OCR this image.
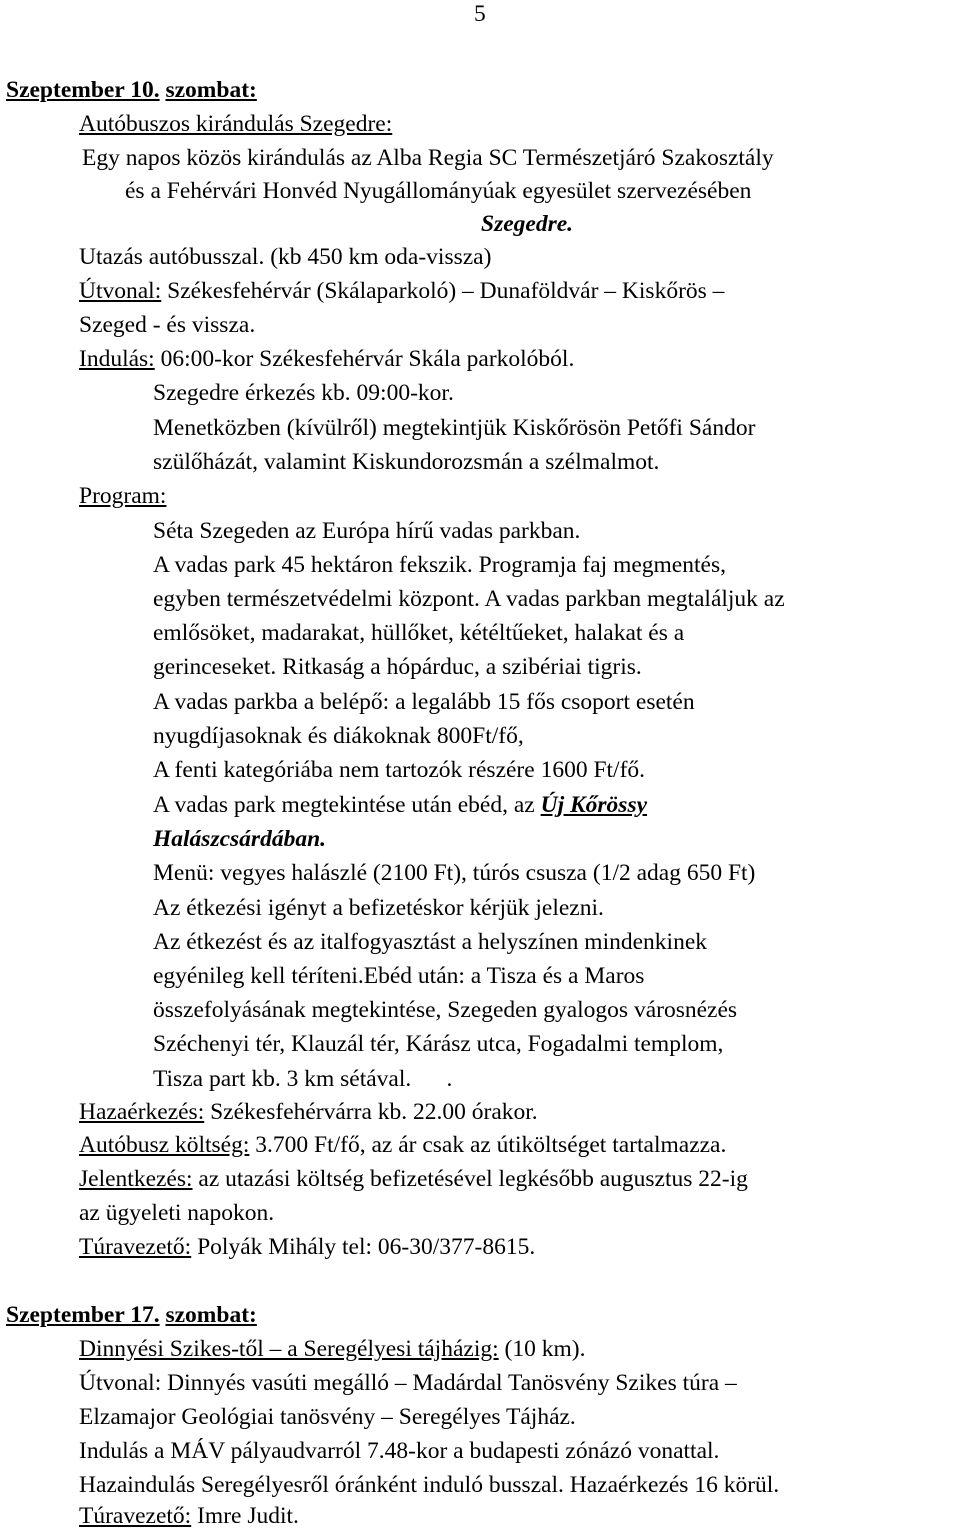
5
Szeptember 10. szombat:
Autóbuszos kirándulás Szegedre:
Egy napos közös kirándulás az Alba Regia SC Természetjáró Szakosztály
és a Fehérvári Honvéd Nyugállományúak egyesület szervezésében
Szegedre.
Utazás autóbusszal. (kb 450 km oda-vissza)
Útvonal: Székesfehérvár (Skálaparkoló) – Dunaföldvár – Kiskőrös –
Szeged - és vissza.
Indulás: 06:00-kor Székesfehérvár Skála parkolóból.
Szegedre érkezés kb. 09:00-kor.
Menetközben (kívülről) megtekintjük Kiskőrösön Petőfi Sándor
szülőházát, valamint Kiskundorozsmán a szélmalmot.
Program:
Séta Szegeden az Európa hírű vadas parkban.
A vadas park 45 hektáron fekszik. Programja faj megmentés,
egyben természetvédelmi központ. A vadas parkban megtaláljuk az
emlősöket, madarakat, hüllőket, kétéltűeket, halakat és a
gerinceseket. Ritkaság a hópárduc, a szibériai tigris.
A vadas parkba a belépő: a legalább 15 fős csoport esetén
nyugdíjasoknak és diákoknak 800Ft/fő,
A fenti kategóriába nem tartozók részére 1600 Ft/fő.
A vadas park megtekintése után ebéd, az Új Kőrössy
Halászcsárdában.
Menü: vegyes halászlé (2100 Ft), túrós csusza (1/2 adag 650 Ft)
Az étkezési igényt a befizetéskor kérjük jelezni.
Az étkezést és az italfogyasztást a helyszínen mindenkinek
egyénileg kell téríteni.Ebéd után: a Tisza és a Maros
összefolyásának megtekintése, Szegeden gyalogos városnézés
Széchenyi tér, Klauzál tér, Kárász utca, Fogadalmi templom,
Tisza part kb. 3 km sétával.      .
Hazaérkezés: Székesfehérvárra kb. 22.00 órakor.
Autóbusz költség: 3.700 Ft/fő, az ár csak az útiköltséget tartalmazza.
Jelentkezés: az utazási költség befizetésével legkésőbb augusztus 22-ig
az ügyeleti napokon.
Túravezető: Polyák Mihály tel: 06-30/377-8615.
Szeptember 17. szombat:
Dinnyési Szikes-től – a Seregélyesi tájházig: (10 km).
Útvonal: Dinnyés vasúti megálló – Madárdal Tanösvény Szikes túra –
Elzamajor Geológiai tanösvény – Seregélyes Tájház.
Indulás a MÁV pályaudvarról 7.48-kor a budapesti zónázó vonattal.
Hazaindulás Seregélyesről óránként induló busszal. Hazaérkezés 16 körül.
Túravezető: Imre Judit.
